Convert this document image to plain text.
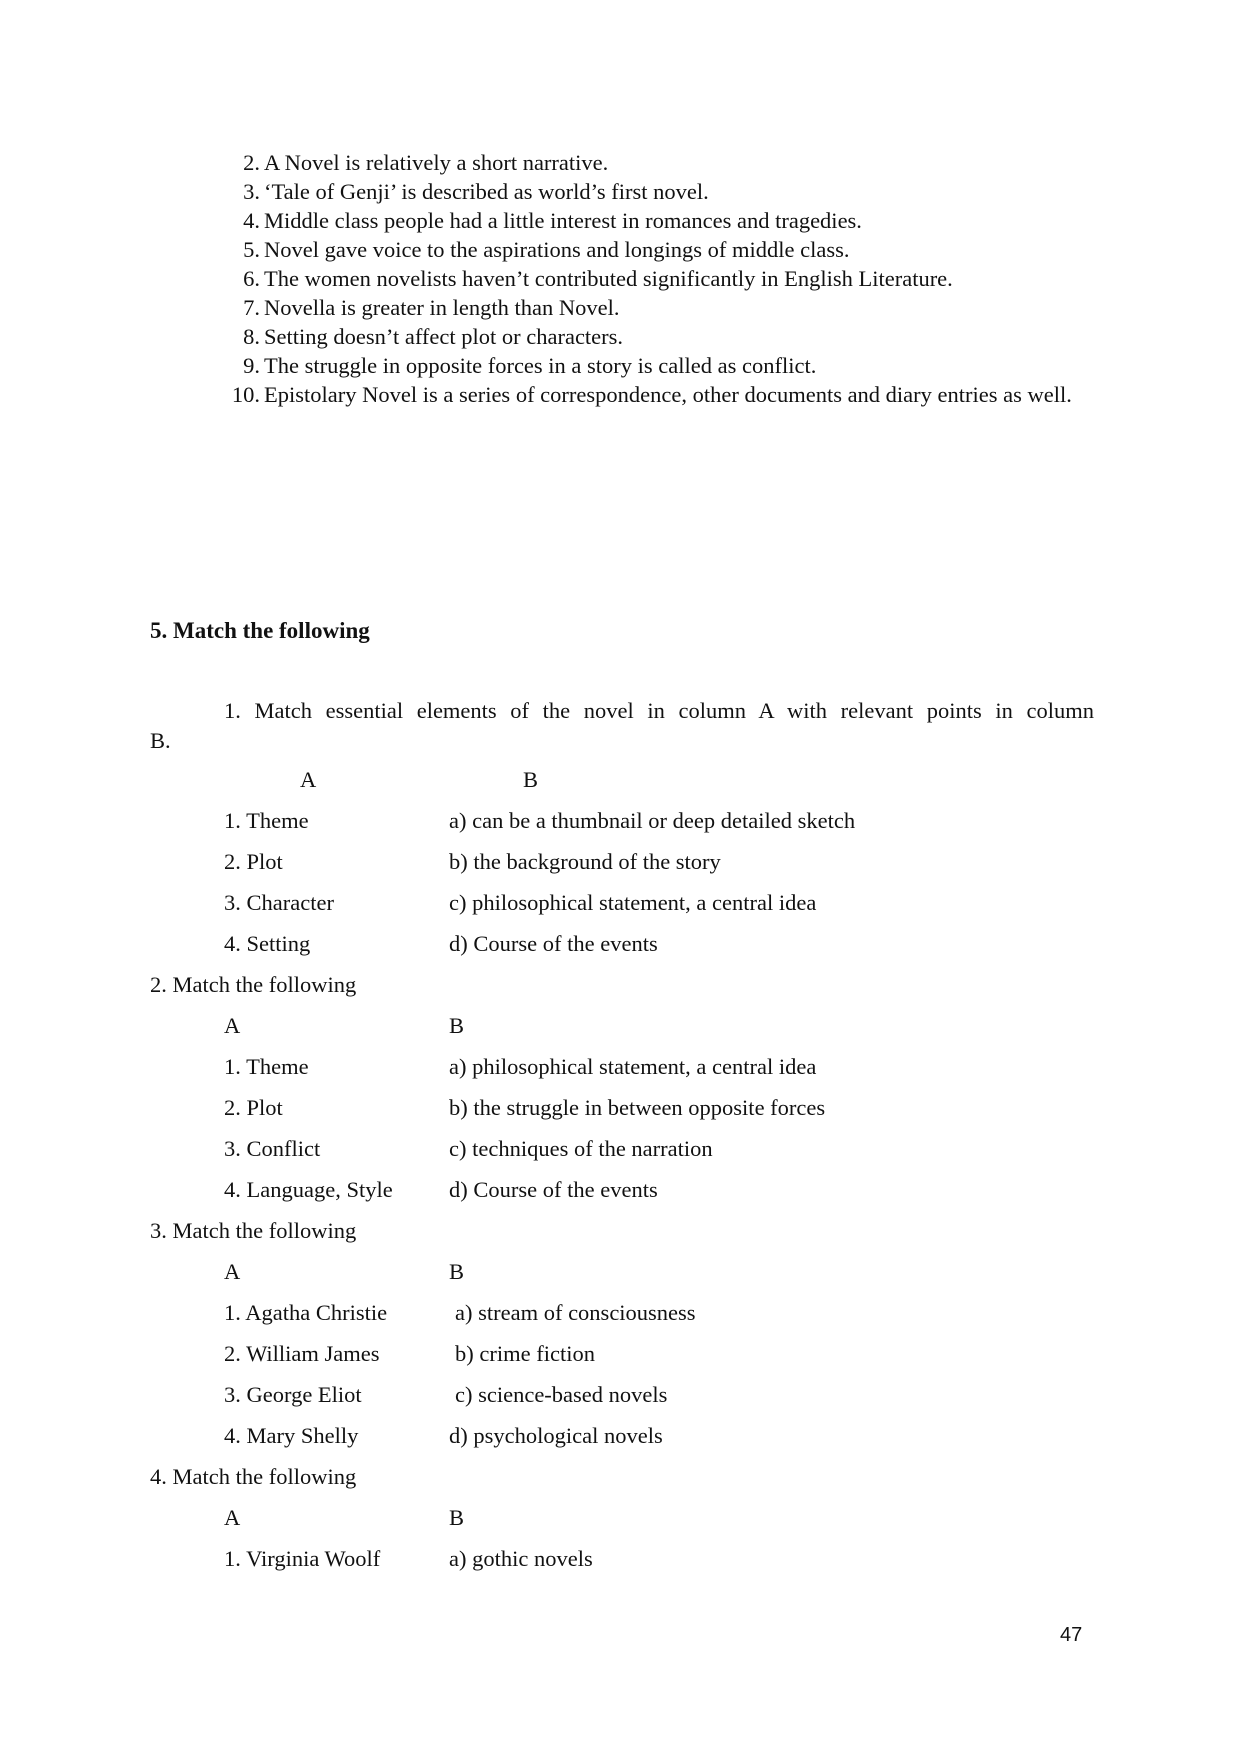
2. A Novel is relatively a short narrative.
3. ‘Tale of Genji’ is described as world’s first novel.
4. Middle class people had a little interest in romances and tragedies.
5. Novel gave voice to the aspirations and longings of middle class.
6. The women novelists haven’t contributed significantly in English Literature.
7. Novella is greater in length than Novel.
8. Setting doesn’t affect plot or characters.
9. The struggle in opposite forces in a story is called as conflict.
10. Epistolary Novel is a series of correspondence, other documents and diary entries as well.
5. Match the following
1. Match essential elements of the novel in column A with relevant points in column
B.
A	B
1. Theme	a) can be a thumbnail or deep detailed sketch
2. Plot	b) the background of the story
3. Character	c) philosophical statement, a central idea
4. Setting	d) Course of the events
2. Match the following
A	B
1. Theme	a) philosophical statement, a central idea
2. Plot	b) the struggle in between opposite forces
3. Conflict	c) techniques of the narration
4. Language, Style	d) Course of the events
3. Match the following
A	B
1. Agatha Christie	a) stream of consciousness
2. William James	b) crime fiction
3. George Eliot	c) science-based novels
4. Mary Shelly	d) psychological novels
4. Match the following
A	B
1. Virginia Woolf	a) gothic novels
47
